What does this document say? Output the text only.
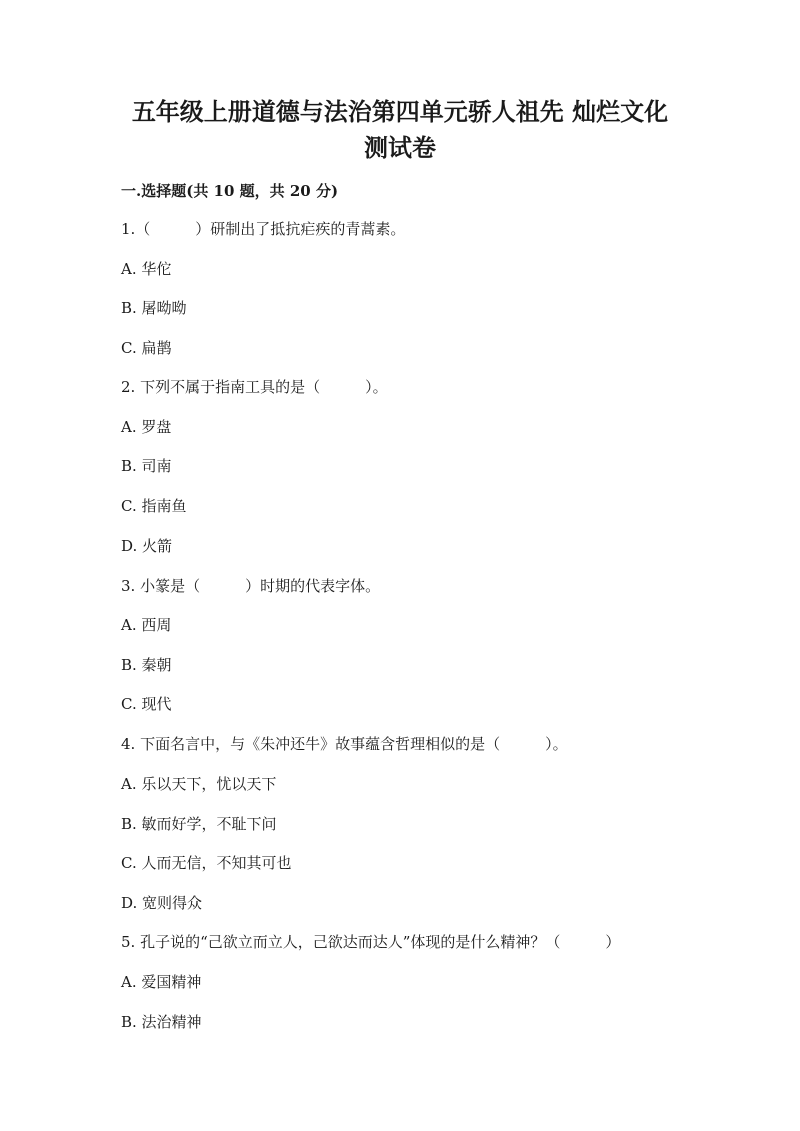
五年级上册道德与法治第四单元骄人祖先 灿烂文化
测试卷
一.选择题(共 10 题，共 20 分)
1.（　　　）研制出了抵抗疟疾的青蒿素。
A. 华佗
B. 屠呦呦
C. 扁鹊
2. 下列不属于指南工具的是（　　　）。
A. 罗盘
B. 司南
C. 指南鱼
D. 火箭
3. 小篆是（　　　）时期的代表字体。
A. 西周
B. 秦朝
C. 现代
4. 下面名言中，与《朱冲还牛》故事蕴含哲理相似的是（　　　）。
A. 乐以天下，忧以天下
B. 敏而好学，不耻下问
C. 人而无信，不知其可也
D. 宽则得众
5. 孔子说的“己欲立而立人，己欲达而达人”体现的是什么精神？（　　　）
A. 爱国精神
B. 法治精神
